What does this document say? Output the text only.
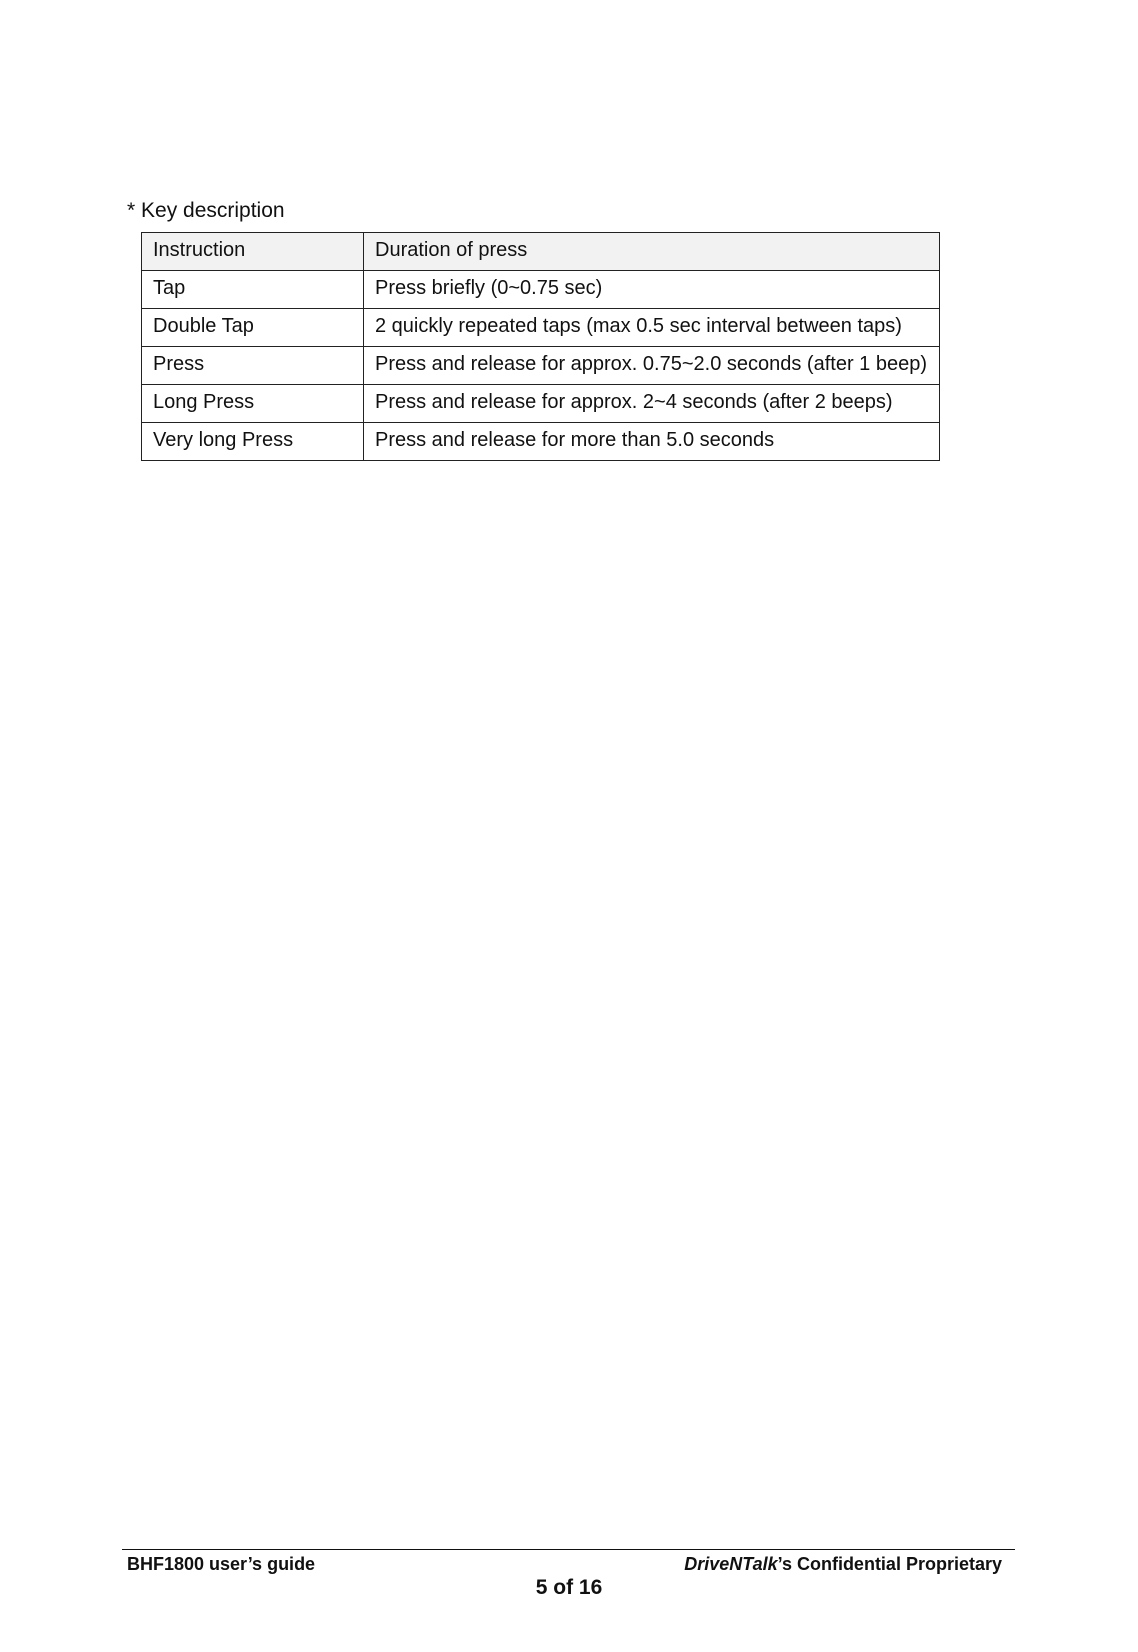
* Key description

Instruction	Duration of press
Tap	Press briefly (0~0.75 sec)
Double Tap	2 quickly repeated taps (max 0.5 sec interval between taps)
Press	Press and release for approx. 0.75~2.0 seconds (after 1 beep)
Long Press	Press and release for approx. 2~4 seconds (after 2 beeps)
Very long Press	Press and release for more than 5.0 seconds
BHF1800 user’s guide	DriveNTalk’s Confidential Proprietary
5 of 16
